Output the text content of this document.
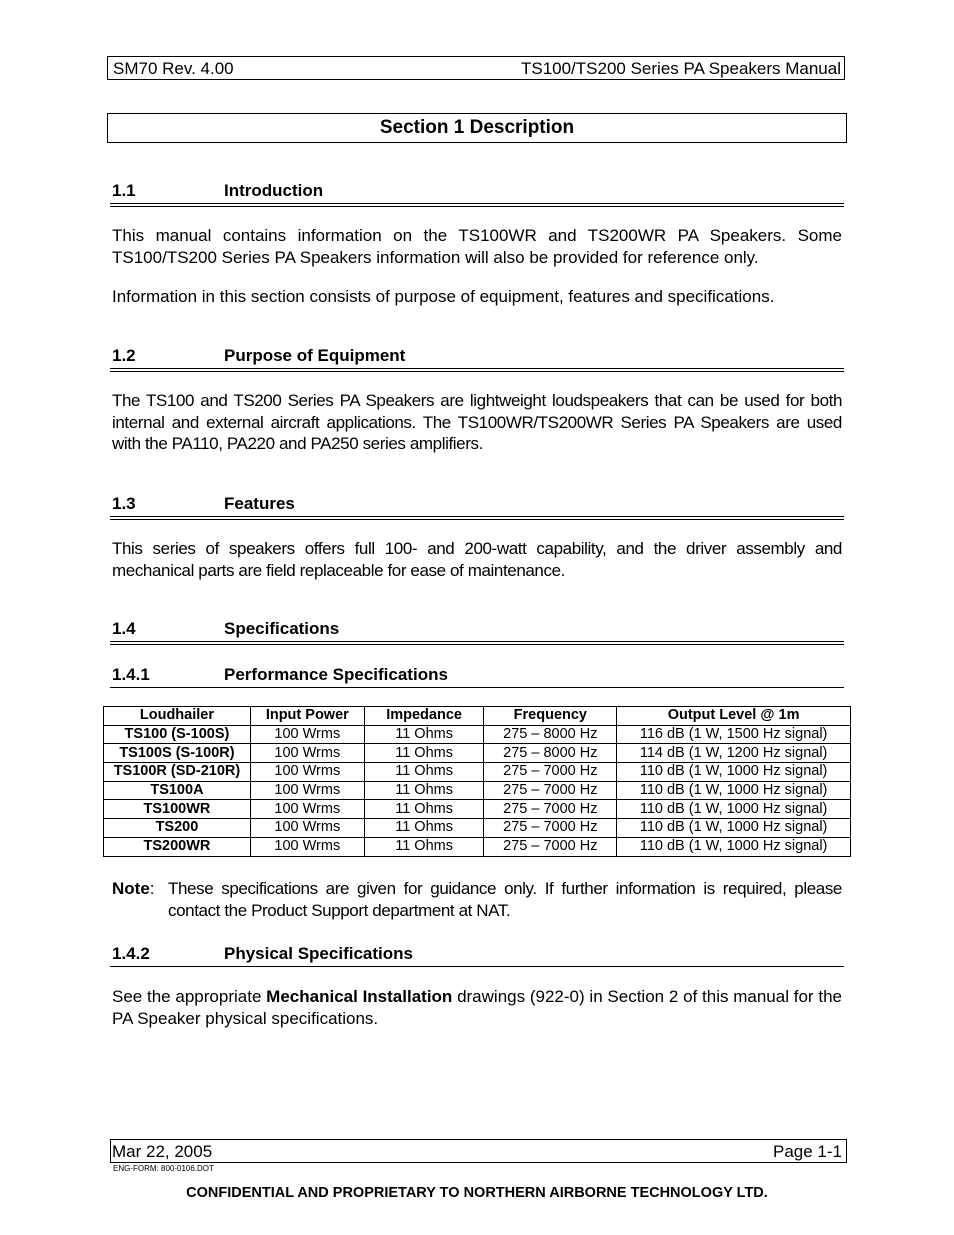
SM70 Rev. 4.00	TS100/TS200 Series PA Speakers Manual
Section 1 Description
1.1	Introduction
This manual contains information on the TS100WR and TS200WR PA Speakers. Some TS100/TS200 Series PA Speakers information will also be provided for reference only.
Information in this section consists of purpose of equipment, features and specifications.
1.2	Purpose of Equipment
The TS100 and TS200 Series PA Speakers are lightweight loudspeakers that can be used for both internal and external aircraft applications. The TS100WR/TS200WR Series PA Speakers are used with the PA110, PA220 and PA250 series amplifiers.
1.3	Features
This series of speakers offers full 100- and 200-watt capability, and the driver assembly and mechanical parts are field replaceable for ease of maintenance.
1.4	Specifications
1.4.1	Performance Specifications
Loudhailer	Input Power	Impedance	Frequency	Output Level @ 1m
TS100 (S-100S)	100 Wrms	11 Ohms	275 – 8000 Hz	116 dB (1 W, 1500 Hz signal)
TS100S (S-100R)	100 Wrms	11 Ohms	275 – 8000 Hz	114 dB (1 W, 1200 Hz signal)
TS100R (SD-210R)	100 Wrms	11 Ohms	275 – 7000 Hz	110 dB (1 W, 1000 Hz signal)
TS100A	100 Wrms	11 Ohms	275 – 7000 Hz	110 dB (1 W, 1000 Hz signal)
TS100WR	100 Wrms	11 Ohms	275 – 7000 Hz	110 dB (1 W, 1000 Hz signal)
TS200	100 Wrms	11 Ohms	275 – 7000 Hz	110 dB (1 W, 1000 Hz signal)
TS200WR	100 Wrms	11 Ohms	275 – 7000 Hz	110 dB (1 W, 1000 Hz signal)
Note: These specifications are given for guidance only. If further information is required, please contact the Product Support department at NAT.
1.4.2	Physical Specifications
See the appropriate Mechanical Installation drawings (922-0) in Section 2 of this manual for the PA Speaker physical specifications.
Mar 22, 2005	Page 1-1
ENG-FORM: 800-0106.DOT
CONFIDENTIAL AND PROPRIETARY TO NORTHERN AIRBORNE TECHNOLOGY LTD.
